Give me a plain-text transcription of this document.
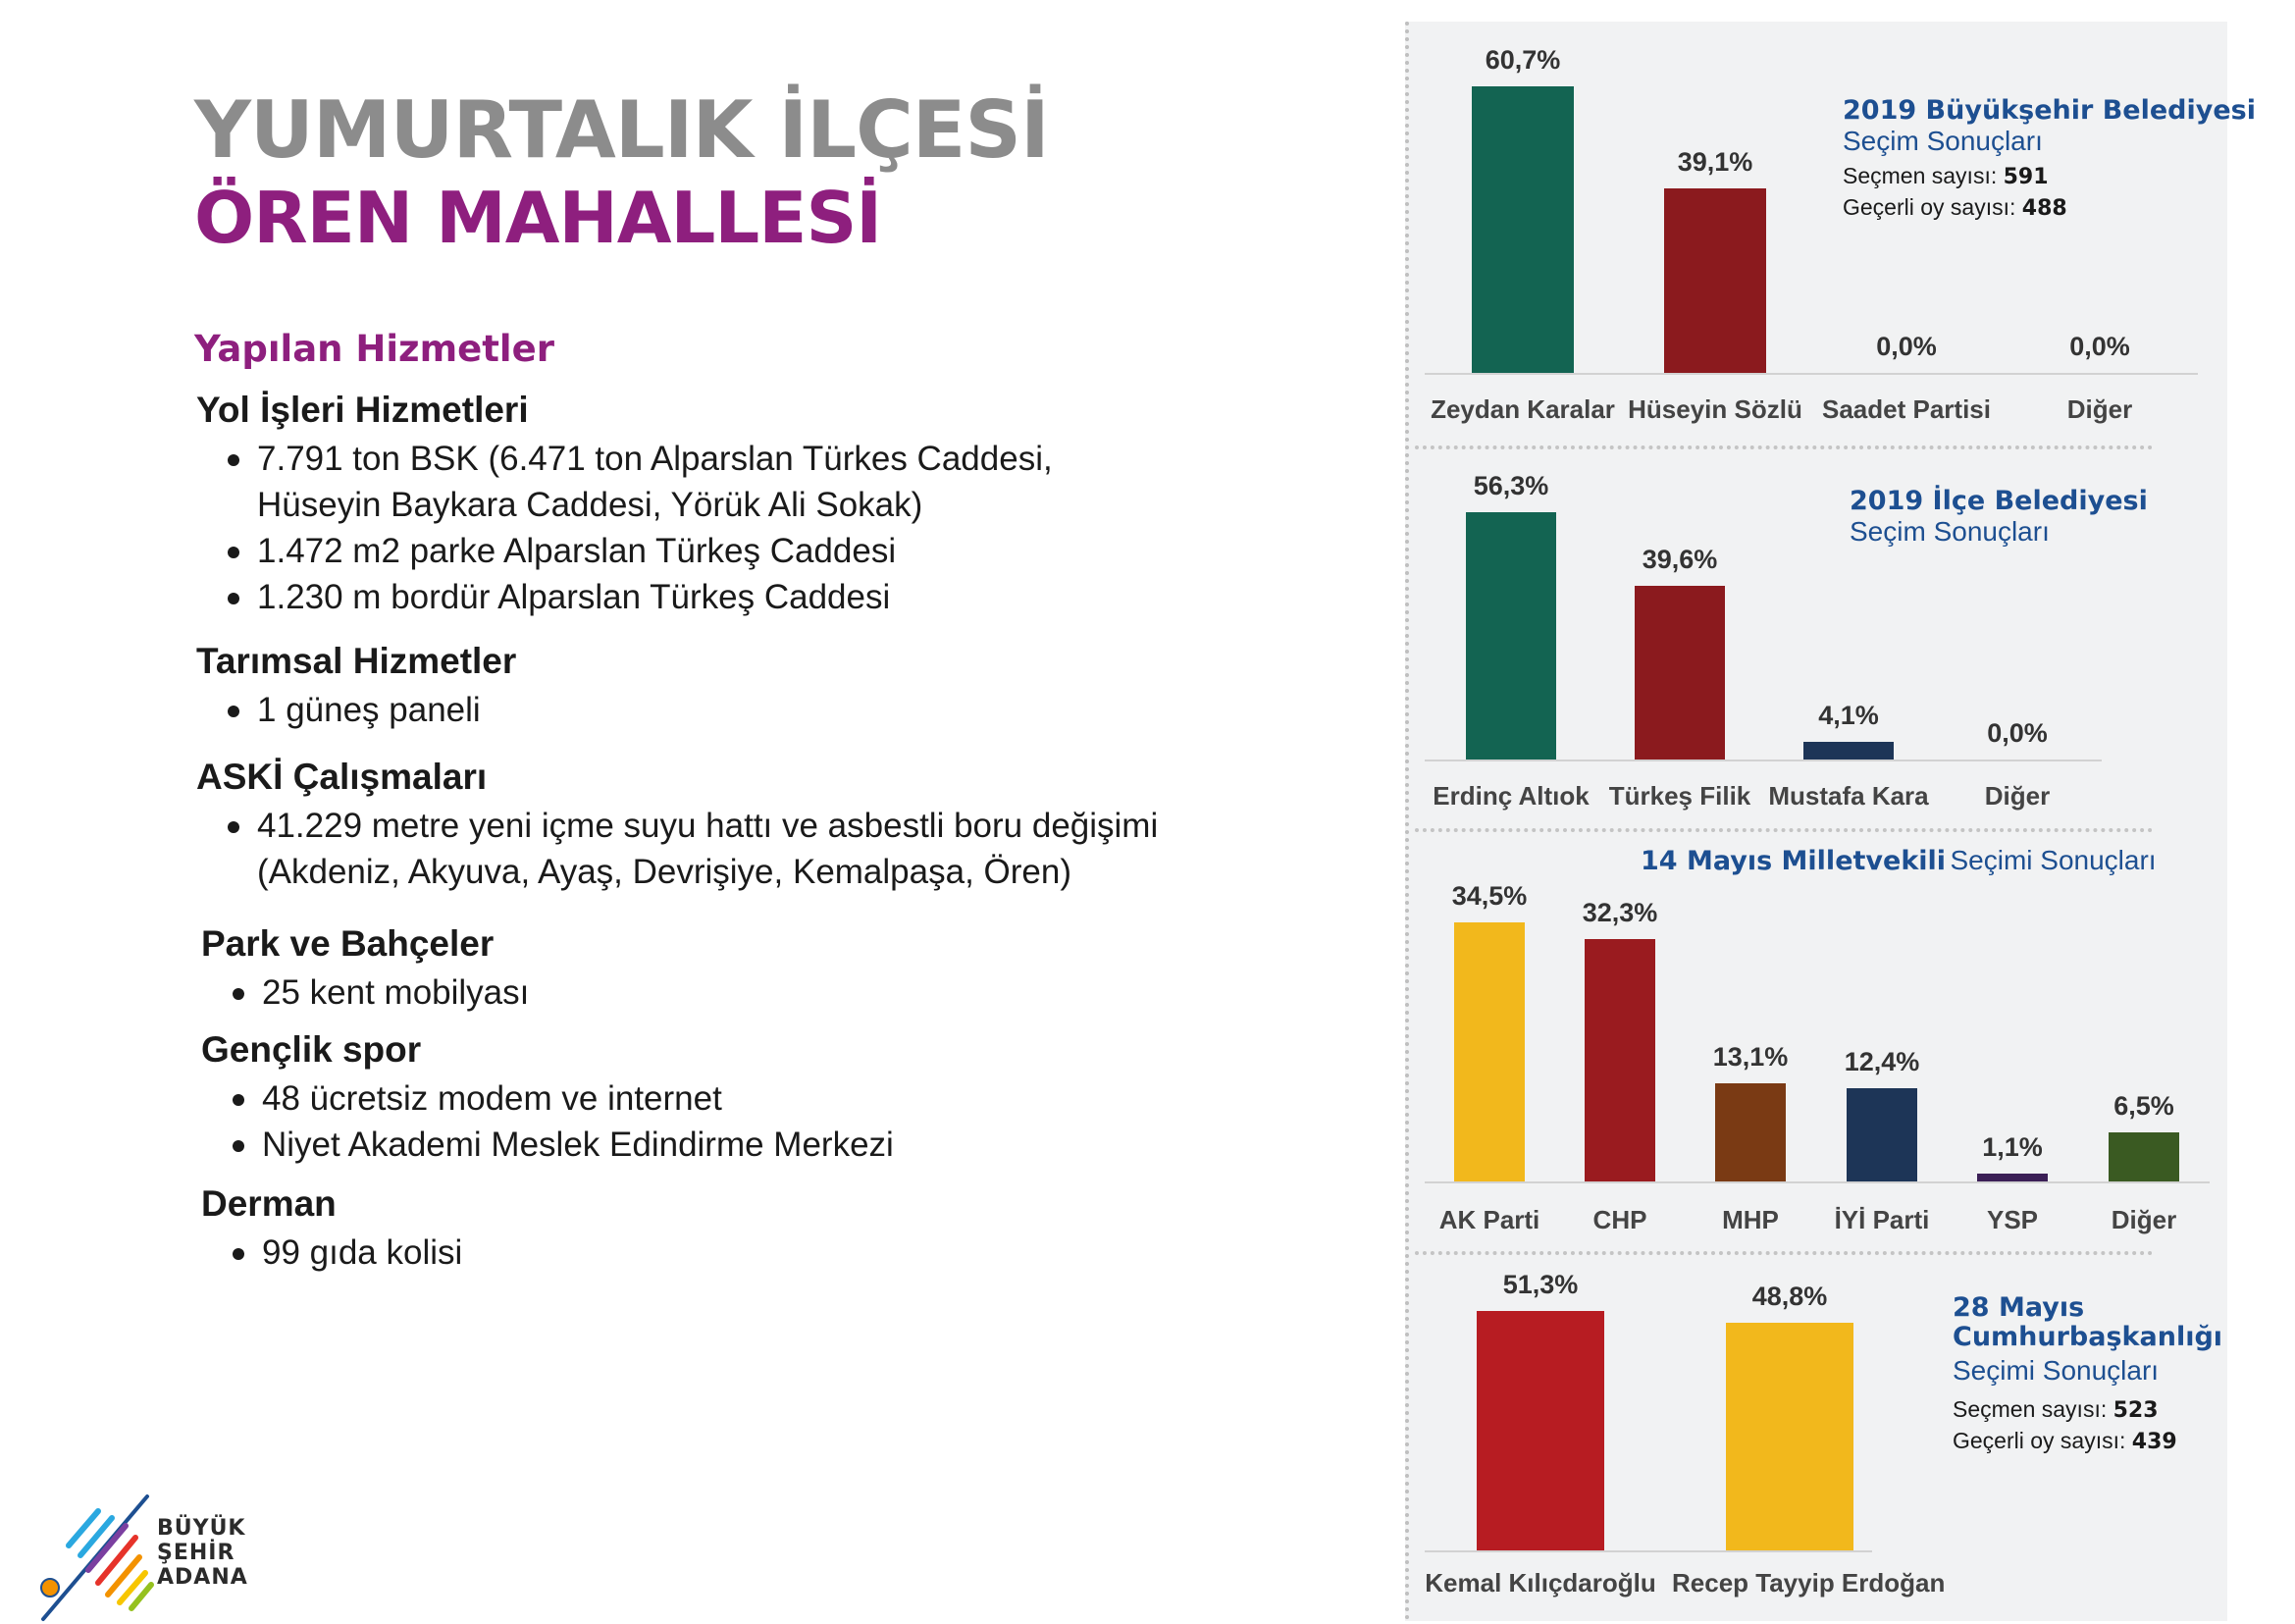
YUMURTALIK İLÇESİ
ÖREN MAHALLESİ
Yapılan Hizmetler
Yol İşleri Hizmetleri
7.791 ton BSK (6.471 ton Alparslan Türkes Caddesi,
Hüseyin Baykara Caddesi, Yörük Ali Sokak)
1.472 m2 parke Alparslan Türkeş Caddesi
1.230 m bordür Alparslan Türkeş Caddesi
Tarımsal Hizmetler
1 güneş paneli
ASKİ Çalışmaları
41.229 metre yeni içme suyu hattı ve asbestli boru değişimi
(Akdeniz, Akyuva, Ayaş, Devrişiye, Kemalpaşa, Ören)
Park ve Bahçeler
25 kent mobilyası
Gençlik spor
48 ücretsiz modem ve internet
Niyet Akademi Meslek Edindirme Merkezi
Derman
99 gıda kolisi
BÜYÜK
ŞEHİR
ADANA
2019 Büyükşehir Belediyesi
Seçim Sonuçları
Seçmen sayısı: 591
Geçerli oy sayısı: 488
2019 İlçe Belediyesi
Seçim Sonuçları
14 Mayıs Milletvekili Seçimi Sonuçları
28 Mayıs Cumhurbaşkanlığı
Seçimi Sonuçları
Seçmen sayısı: 523
Geçerli oy sayısı: 439
60,7%
Zeydan Karalar
39,1%
Hüseyin Sözlü
0,0%
Saadet Partisi
0,0%
Diğer
56,3%
Erdinç Altıok
39,6%
Türkeş Filik
4,1%
Mustafa Kara
0,0%
Diğer
34,5%
AK Parti
32,3%
CHP
13,1%
MHP
12,4%
İYİ Parti
1,1%
YSP
6,5%
Diğer
51,3%
Kemal Kılıçdaroğlu
48,8%
Recep Tayyip Erdoğan
